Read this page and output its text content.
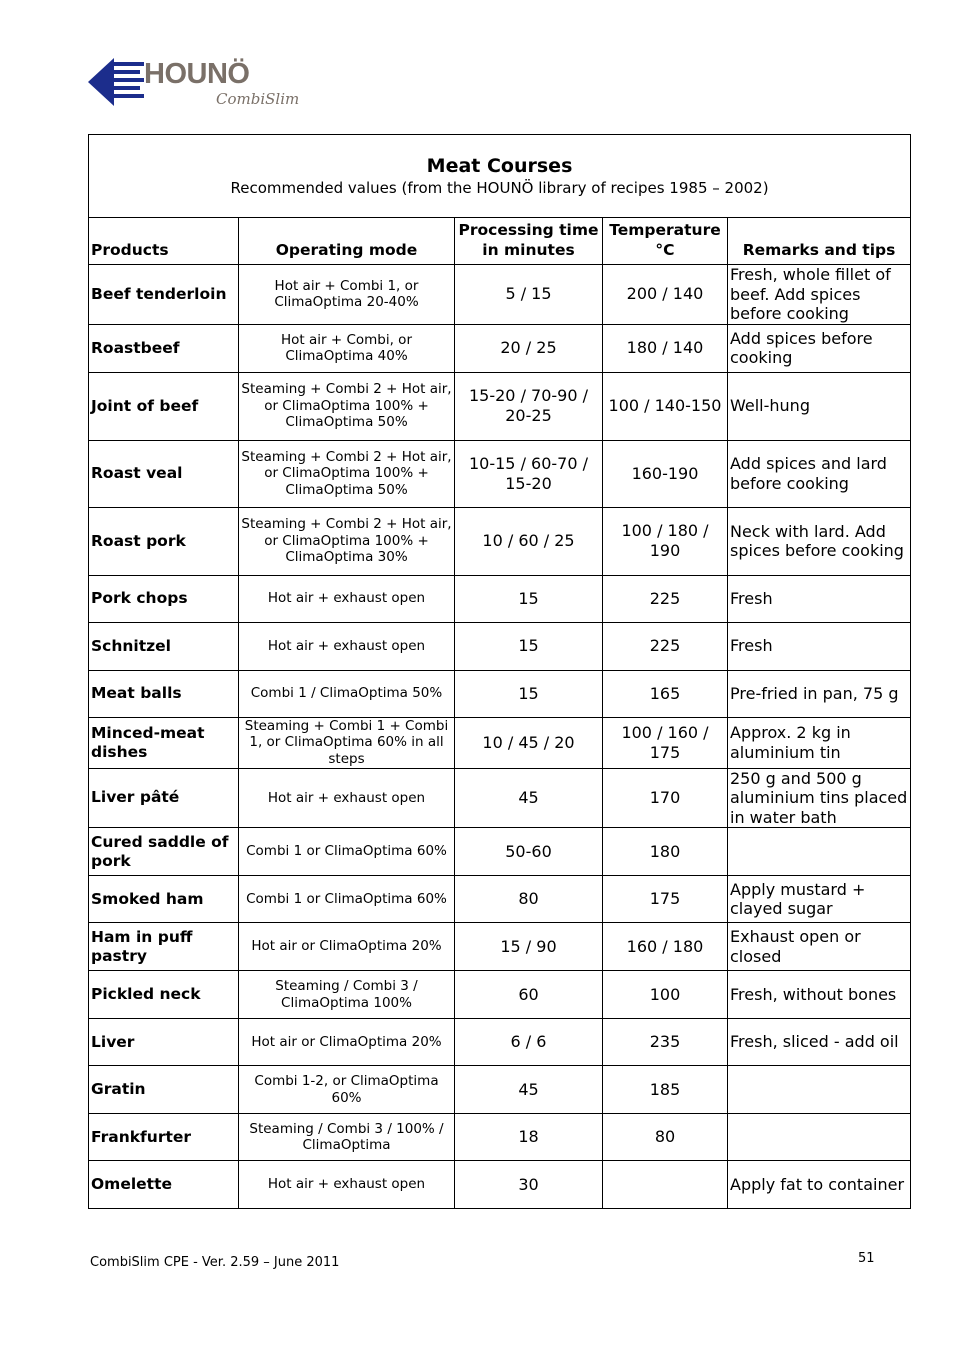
HOUNÖ
CombiSlim
Meat Courses
Recommended values (from the HOUNÖ library of recipes 1985 – 2002)				

Products	Operating mode	Processing time in minutes	Temperature °C	Remarks and tips
Beef tenderloin	Hot air + Combi 1, or ClimaOptima 20-40%	5 / 15	200 / 140	Fresh, whole fillet of beef. Add spices before cooking
Roastbeef	Hot air + Combi, or ClimaOptima 40%	20 / 25	180 / 140	Add spices before cooking
Joint of beef	Steaming + Combi 2 + Hot air, or ClimaOptima 100% + ClimaOptima 50%	15-20 / 70-90 / 20-25	100 / 140-150	Well-hung
Roast veal	Steaming + Combi 2 + Hot air, or ClimaOptima 100% + ClimaOptima 50%	10-15 / 60-70 / 15-20	160-190	Add spices and lard before cooking
Roast pork	Steaming + Combi 2 + Hot air, or ClimaOptima 100% + ClimaOptima 30%	10 / 60 / 25	100 / 180 / 190	Neck with lard. Add spices before cooking
Pork chops	Hot air + exhaust open	15	225	Fresh
Schnitzel	Hot air + exhaust open	15	225	Fresh
Meat balls	Combi 1 / ClimaOptima 50%	15	165	Pre-fried in pan, 75 g
Minced-meat dishes	Steaming + Combi 1 + Combi 1, or ClimaOptima 60% in all steps	10 / 45 / 20	100 / 160 / 175	Approx. 2 kg in aluminium tin
Liver pâté	Hot air + exhaust open	45	170	250 g and 500 g aluminium tins placed in water bath
Cured saddle of pork	Combi 1 or ClimaOptima 60%	50-60	180	
Smoked ham	Combi 1 or ClimaOptima 60%	80	175	Apply mustard + clayed sugar
Ham in puff pastry	Hot air or ClimaOptima 20%	15 / 90	160 / 180	Exhaust open or closed
Pickled neck	Steaming / Combi 3 / ClimaOptima 100%	60	100	Fresh, without bones
Liver	Hot air or ClimaOptima 20%	6 / 6	235	Fresh, sliced - add oil
Gratin	Combi 1-2, or ClimaOptima 60%	45	185	
Frankfurter	Steaming / Combi 3 / 100% / ClimaOptima	18	80	
Omelette	Hot air + exhaust open	30		Apply fat to container
CombiSlim CPE - Ver. 2.59 – June 2011	51
